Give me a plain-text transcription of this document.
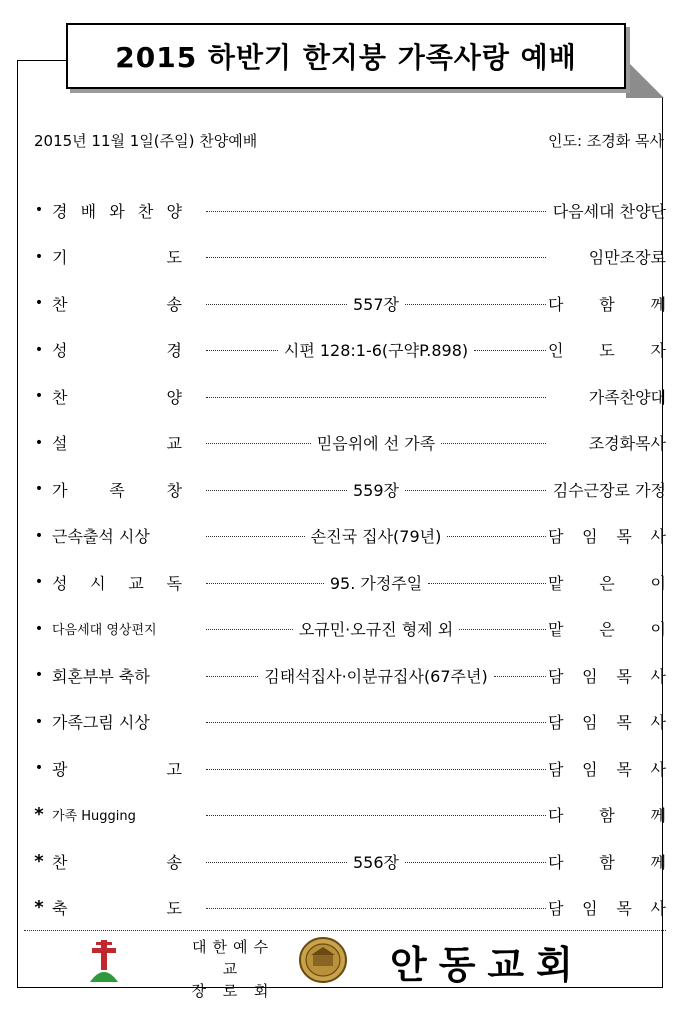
2015 하반기 한지붕 가족사랑 예배
2015년 11월 1일(주일) 찬양예배	인도: 조경화 목사
• 경 배 와 찬 양	다음세대 찬양단
• 기	도	임만조장로
• 찬	송	557장	다 함 께
• 성	경	시편 128:1-6(구약P.898)	인 도 자
• 찬	양	가족찬양대
• 설	교	믿음위에 선 가족	조경화목사
• 가	족	창	559장	김수근장로 가정
• 근속출석 시상	손진국 집사(79년)	담 임 목 사
• 성 시 교 독	95. 가정주일	맡 은 이
• 다음세대 영상편지	오규민·오규진 형제 외	맡 은 이
• 회혼부부 축하	김태석집사·이분규집사(67주년)	담 임 목 사
• 가족그림 시상	담 임 목 사
• 광	고	담 임 목 사
* 가족 Hugging	다 함 께
* 찬	송	556장	다 함 께
* 축	도	담 임 목 사
대한예수교
장 로 회
안동교회
